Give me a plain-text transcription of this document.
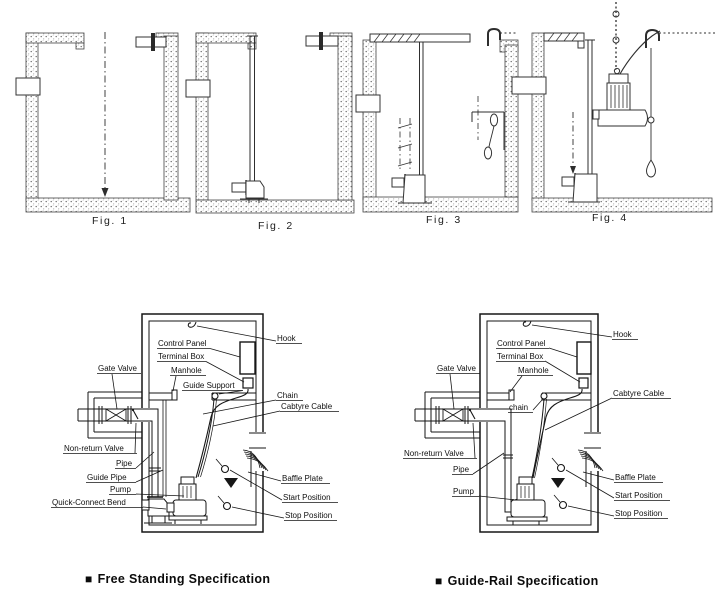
Fig. 1	Fig. 2	Fig. 3	Fig. 4
Control Panel
Terminal Box
Hook
Gate Valve	Manhole
Guide Support
Chain
Cabtyre Cable
Non-return Valve
Pipe
Guide Pipe
Pump
Quick-Connect Bend
Baffle Plate
Start Position
Stop Position
Hook
Control Panel
Terminal Box
Gate Valve	Manhole
chain
Cabtyre Cable
Non-return Valve
Pipe
Pump
Baffle Plate
Start Position
Stop Position
■ Free Standing Specification	■ Guide-Rail Specification
